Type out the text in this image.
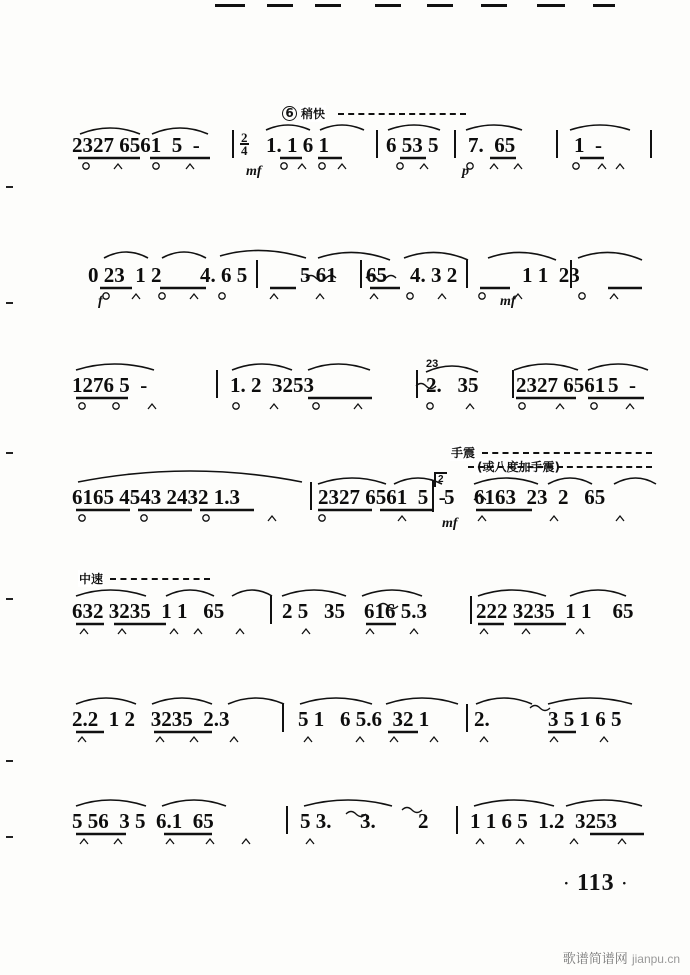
6 稍快
$\frac{2}{4}$
2327 6561  5  -	1. 1 6 1	6 53 5 7.  65	1  -
mf	p
0 23  1 2 4. 6 5	5 61 65 4. 3 2	1 1  23
f	mf
23
1276 5  -	1. 2  3253	2.   35 2327 6561 5  -
手震
(或八度加手震)
2
6165 4543 2432 1.3	2327 6561  5  -
5 6163  23  2   65
mf
中速
632 3235  1 1   65	2 5   35 616 5.3 222 3235  1 1    65
2.2  1 2   3235  2.3	5 1   6 5.6  32 1 2.	3 5 1 6 5
5 56  3 5  6.1  65	5 3. 3. 2 1 1 6 5  1.2  3253
· 113 ·
歌谱简谱网 jianpu.cn
